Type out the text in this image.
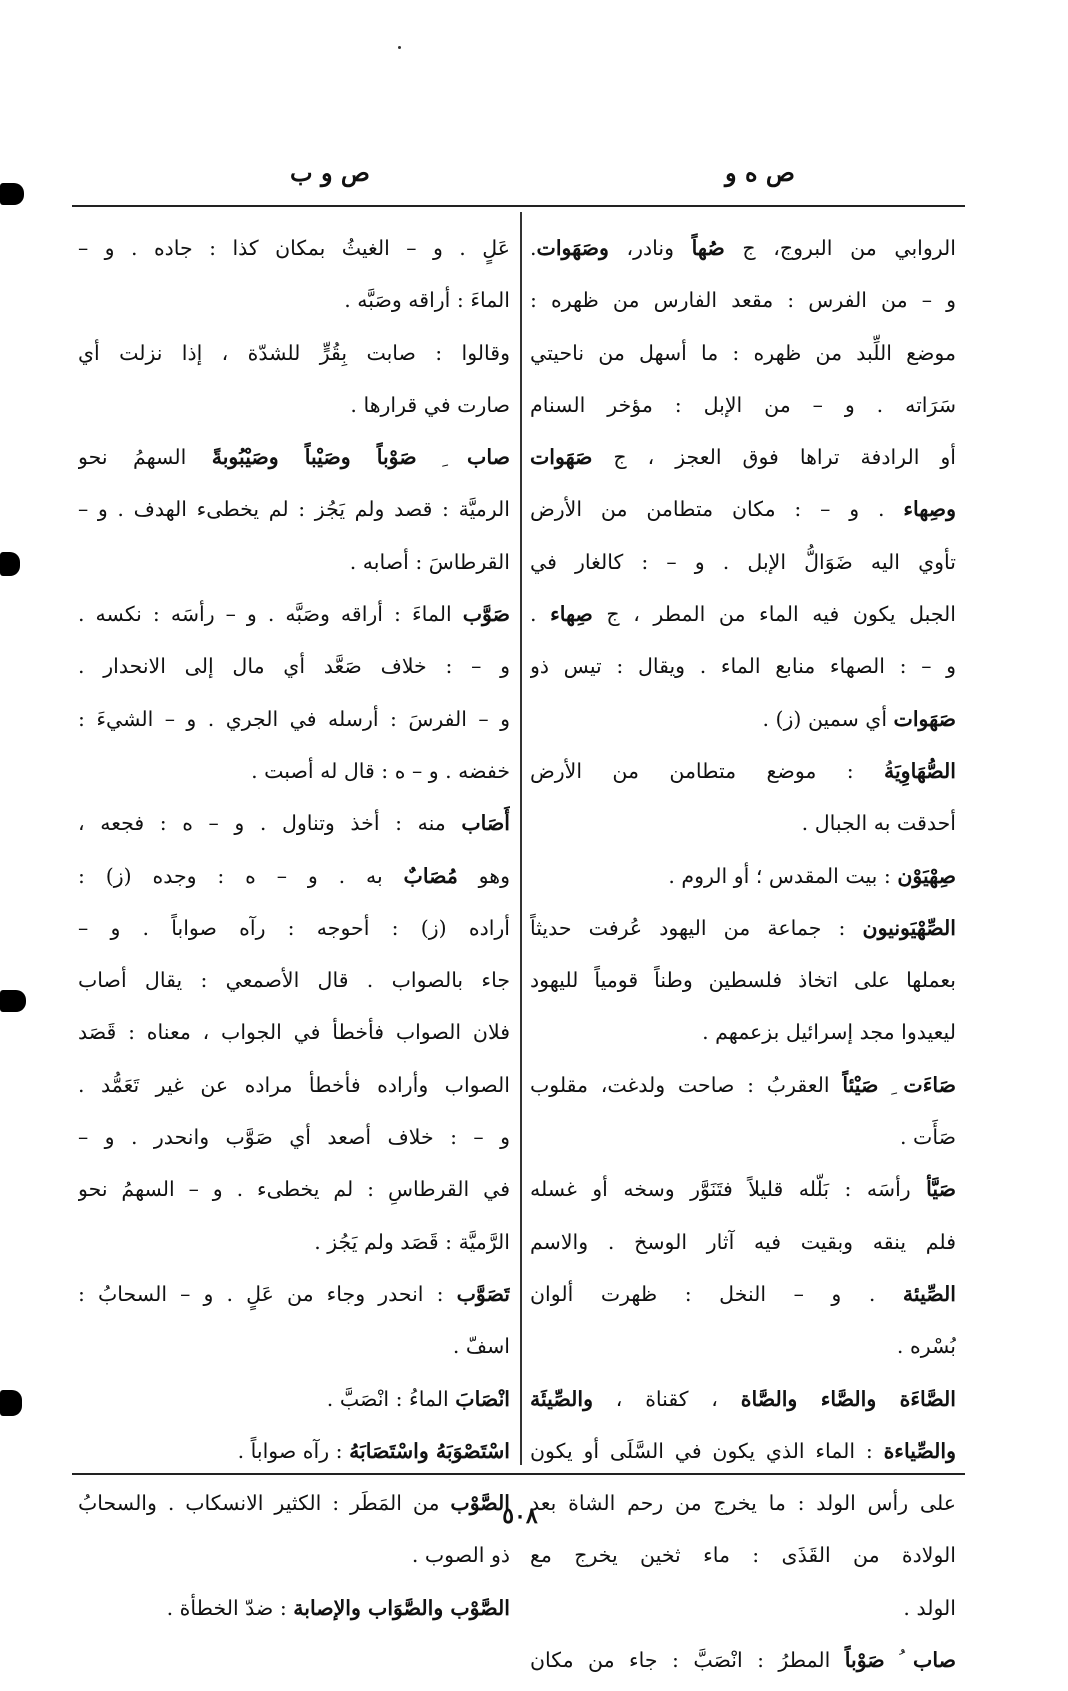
ص ه و
ص و ب
الروابي من البروج، ج صُهاً ونادر، وصَهَوات.
و – من الفرس : مقعد الفارس من ظهره :
موضع اللِّبد من ظهره : ما أسهل من ناحيتي
سَرَاته . و – من الإبل : مؤخر السنام
أو الرادفة تراها فوق العجز ، ج صَهَوات
وصِهاء . و – : مكان متطامن من الأرض
تأوي اليه ضَوَالُّ الإبل . و – : كالغار في
الجبل يكون فيه الماء من المطر ، ج صِهاء .
و – : الصهاء منابع الماء . ويقال : تيس ذو
صَهَوات أي سمين (ز) .
الصُّهَاوِيَةُ : موضع متطامن من الأرض
أحدقت به الجبال .
صِهْيَوْن : بيت المقدس ؛ أو الروم .
الصِّهْيَونيون : جماعة من اليهود عُرفت حديثاً
بعملها على اتخاذ فلسطين وطناً قومياً لليهود
ليعيدوا مجد إسرائيل بزعمهم .
صَاءَت ِ صَيْئاً العقربُ : صاحت ولدغت، مقلوب
صَأَت .
صَيَّأ رأسَه : بَلّله قليلاً فتَنَوَّر وسخه أو غسله
فلم ينقه وبقيت فيه آثار الوسخ . والاسم
الصِّيئة . و – النخل : ظهرت ألوان
بُسْره .
الصَّاءَة والصَّاء والصَّاة ، كقناة ، والصِّيئَة
والصِّياءة : الماء الذي يكون في السَّلَى أو يكون
على رأس الولد : ما يخرج من رحم الشاة بعد
الولادة من القَذَى : ماء ثخين يخرج مع
الولد .
صاب ُ صَوْباً المطرُ : انْصَبَّ : جاء من مكان
عَلٍ . و – الغيثُ بمكان كذا : جاده . و –
الماءَ : أراقه وصَبَّه .
وقالوا : صابت بِقُرٍّ للشدّة ، إذا نزلت أي
صارت في قرارها .
صاب ِ صَوْباً وصَيْباً وصَيْبُوبةً السهمُ نحو
الرميَّة : قصد ولم يَجُز : لم يخطىء الهدف . و –
القرطاسَ : أصابه .
صَوَّب الماءَ : أراقه وصَبَّه . و – رأسَه : نكسه .
و – : خلاف صَعَّد أي مال إلى الانحدار .
و – الفرسَ : أرسله في الجري . و – الشيءَ :
خفضه . و – ه : قال له أصبت .
أَصَاب منه : أخذ وتناول . و – ه : فجعه ،
وهو مُصَابٌ به . و – ه : وجده (ز) :
أراده (ز) : أحوجه : رآه صواباً . و –
جاء بالصواب . قال الأصمعي : يقال أصاب
فلان الصواب فأخطأ في الجواب ، معناه : قَصَد
الصواب وأراده فأخطأ مراده عن غير تَعَمُّد .
و – : خلاف أصعد أي صَوَّب وانحدر . و –
في القرطاسِ : لم يخطىء . و – السهمُ نحو
الرَّميَّة : قَصَد ولم يَجُز .
تَصَوَّب : انحدر وجاء من عَلٍ . و – السحابُ :
اسفّ .
انْصَابَ الماءُ : انْصَبَّ .
اسْتَصْوَبَهُ واسْتَصَابَهُ : رآه صواباً .
الصَّوْب من المَطَر : الكثير الانسكاب . والسحابُ
ذو الصوب .
الصَّوْب والصَّوَاب والإصابة : ضدّ الخطأة .
٥٠٨
